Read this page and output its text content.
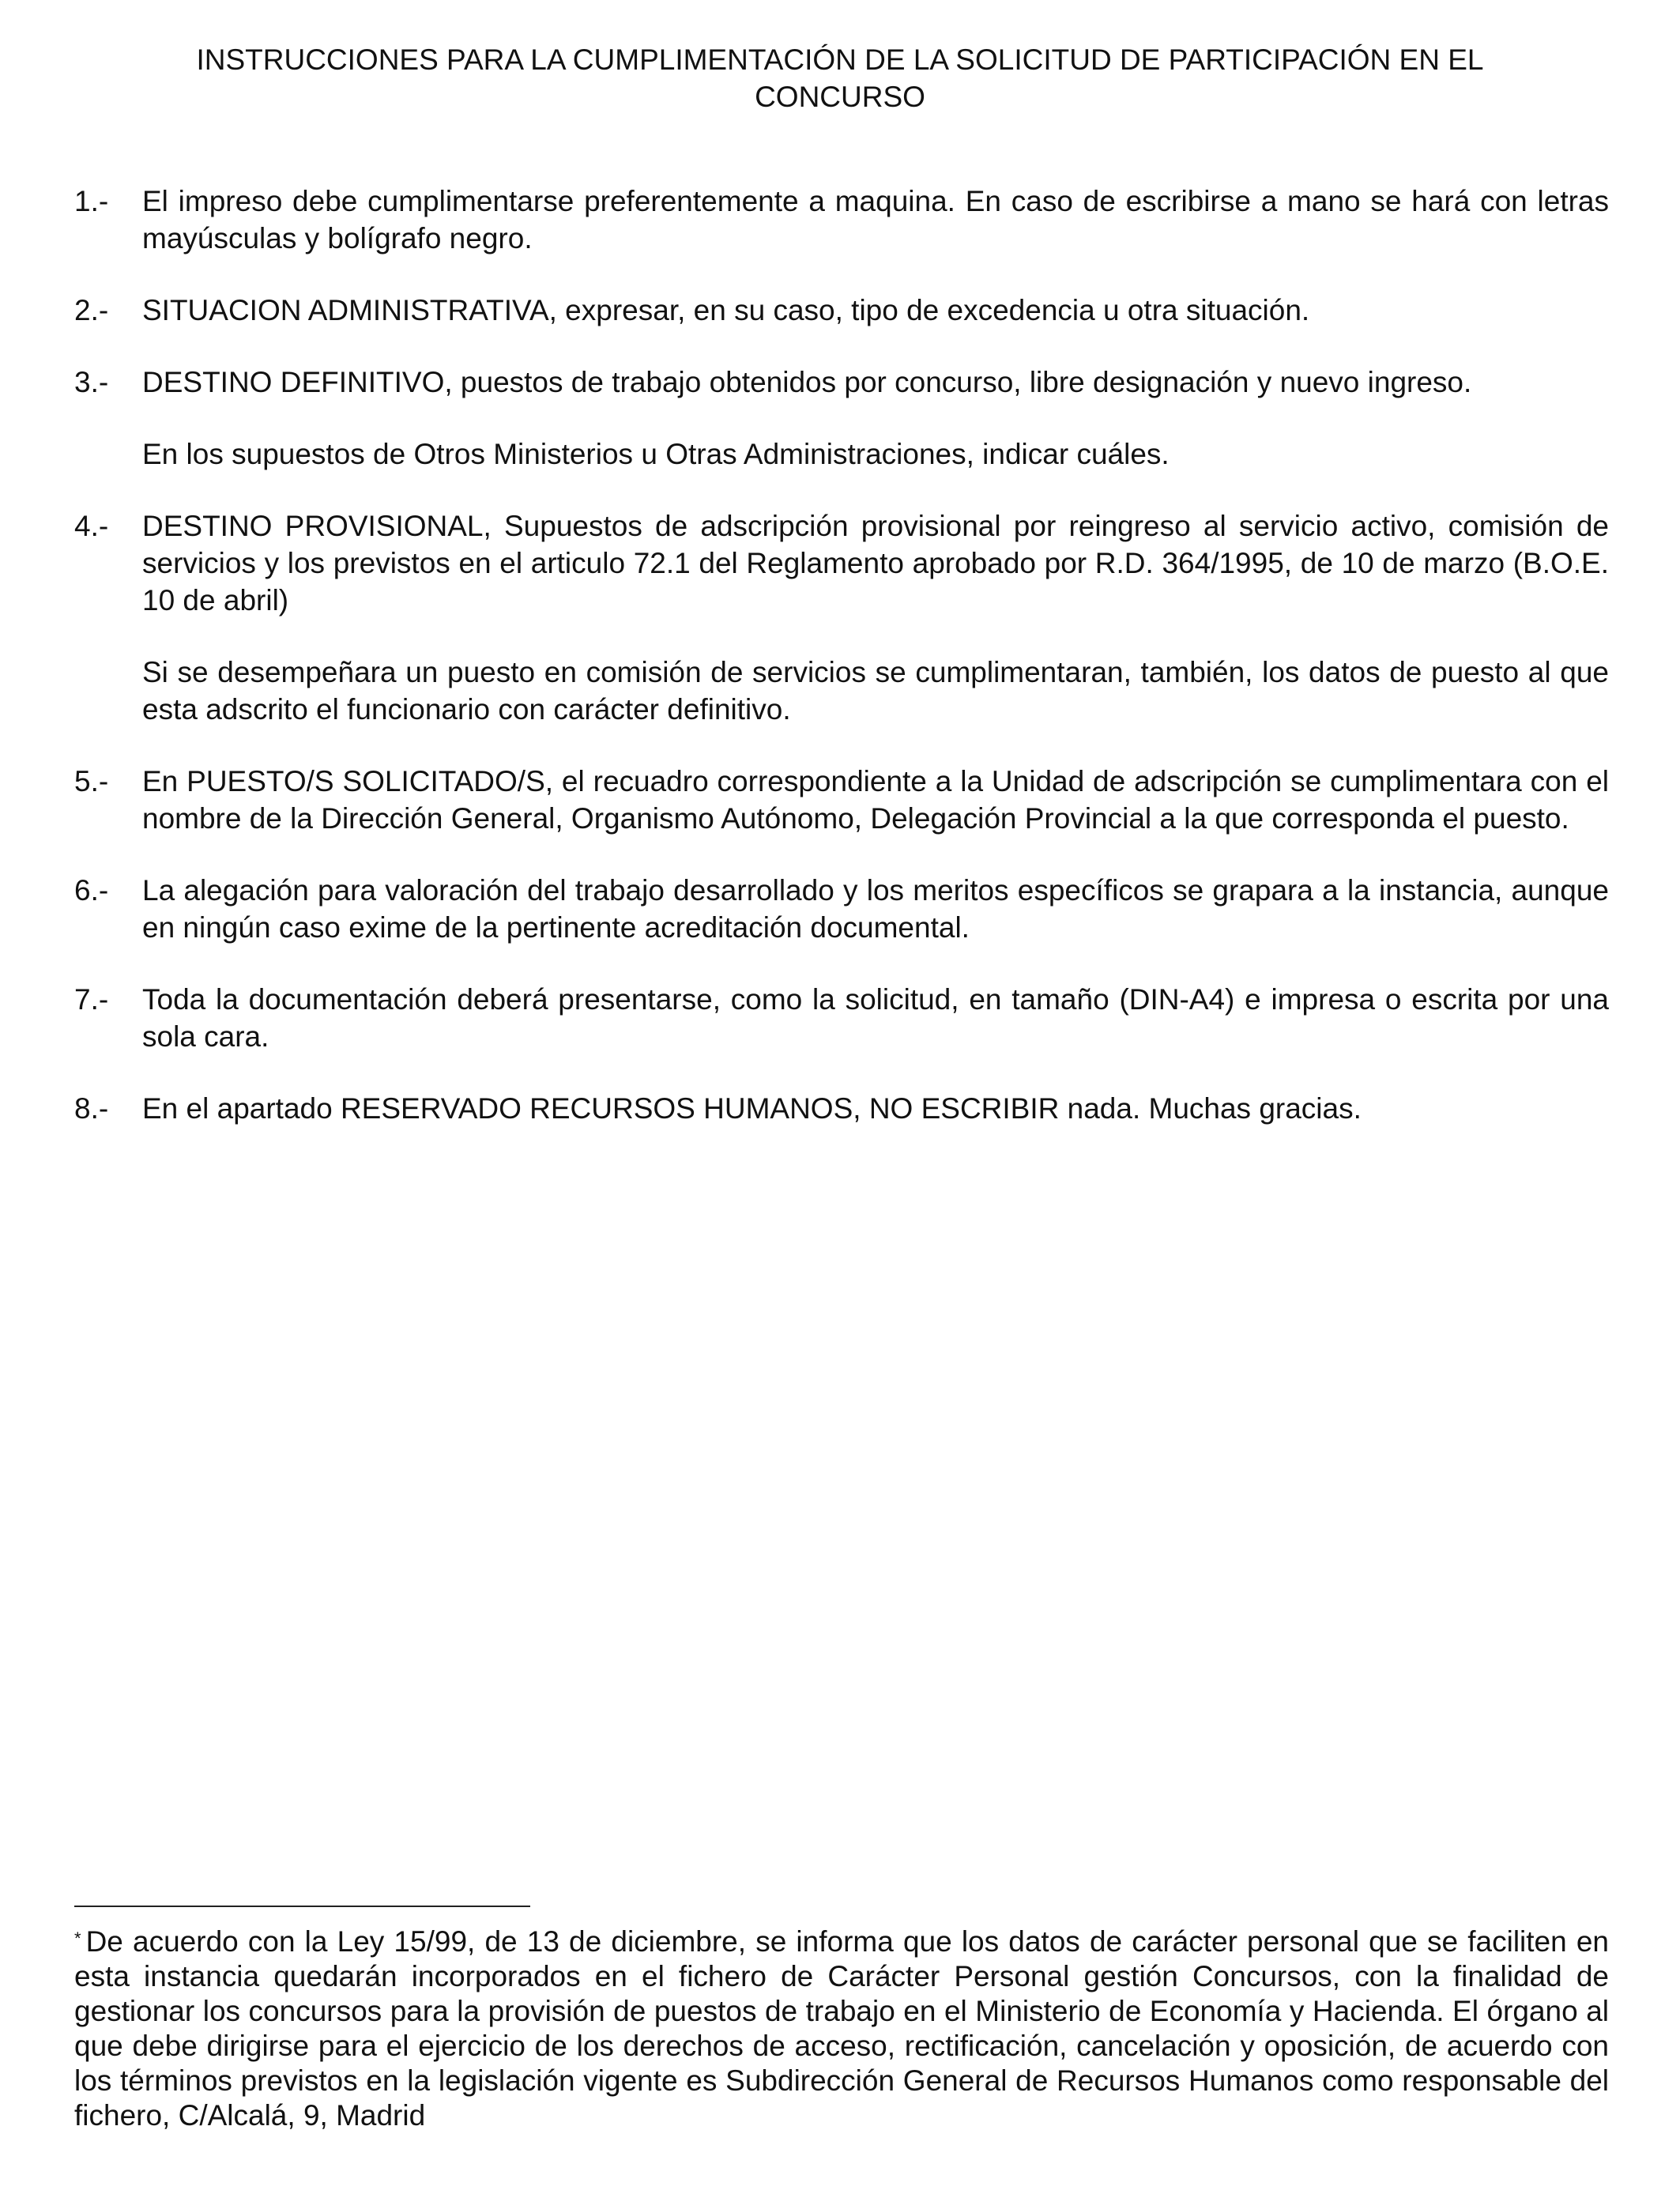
INSTRUCCIONES PARA LA CUMPLIMENTACIÓN DE LA SOLICITUD DE PARTICIPACIÓN EN EL CONCURSO
1.- El impreso debe cumplimentarse preferentemente a maquina. En caso de escribirse a mano se hará con letras mayúsculas y bolígrafo negro.

2.- SITUACION ADMINISTRATIVA, expresar, en su caso, tipo de excedencia u otra situación.

3.- DESTINO DEFINITIVO, puestos de trabajo obtenidos por concurso, libre designación y nuevo ingreso.

En los supuestos de Otros Ministerios u Otras Administraciones, indicar cuáles.

4.- DESTINO PROVISIONAL, Supuestos de adscripción provisional por reingreso al servicio activo, comisión de servicios y los previstos en el articulo 72.1 del Reglamento aprobado por R.D. 364/1995, de 10 de marzo (B.O.E. 10 de abril)

Si se desempeñara un puesto en comisión de servicios se cumplimentaran, también, los datos de puesto al que esta adscrito el funcionario con carácter definitivo.

5.- En PUESTO/S SOLICITADO/S, el recuadro correspondiente a la Unidad de adscripción se cumplimentara con el nombre de la Dirección General, Organismo Autónomo, Delegación Provincial a la que corresponda el puesto.

6.- La alegación para valoración del trabajo desarrollado y los meritos específicos se grapara a la instancia, aunque en ningún caso exime de la pertinente acreditación documental.

7.- Toda la documentación deberá presentarse, como la solicitud, en tamaño (DIN-A4) e impresa o escrita por una sola cara.

8.- En el apartado RESERVADO RECURSOS HUMANOS, NO ESCRIBIR nada. Muchas gracias.

* De acuerdo con la Ley 15/99, de 13 de diciembre, se informa que los datos de carácter personal que se faciliten en esta instancia quedarán incorporados en el fichero de Carácter Personal gestión Concursos, con la finalidad de gestionar los concursos para la provisión de puestos de trabajo en el Ministerio de Economía y Hacienda. El órgano al que debe dirigirse para el ejercicio de los derechos de acceso, rectificación, cancelación y oposición, de acuerdo con los términos previstos en la legislación vigente es Subdirección General de Recursos Humanos como responsable del fichero, C/Alcalá, 9, Madrid
